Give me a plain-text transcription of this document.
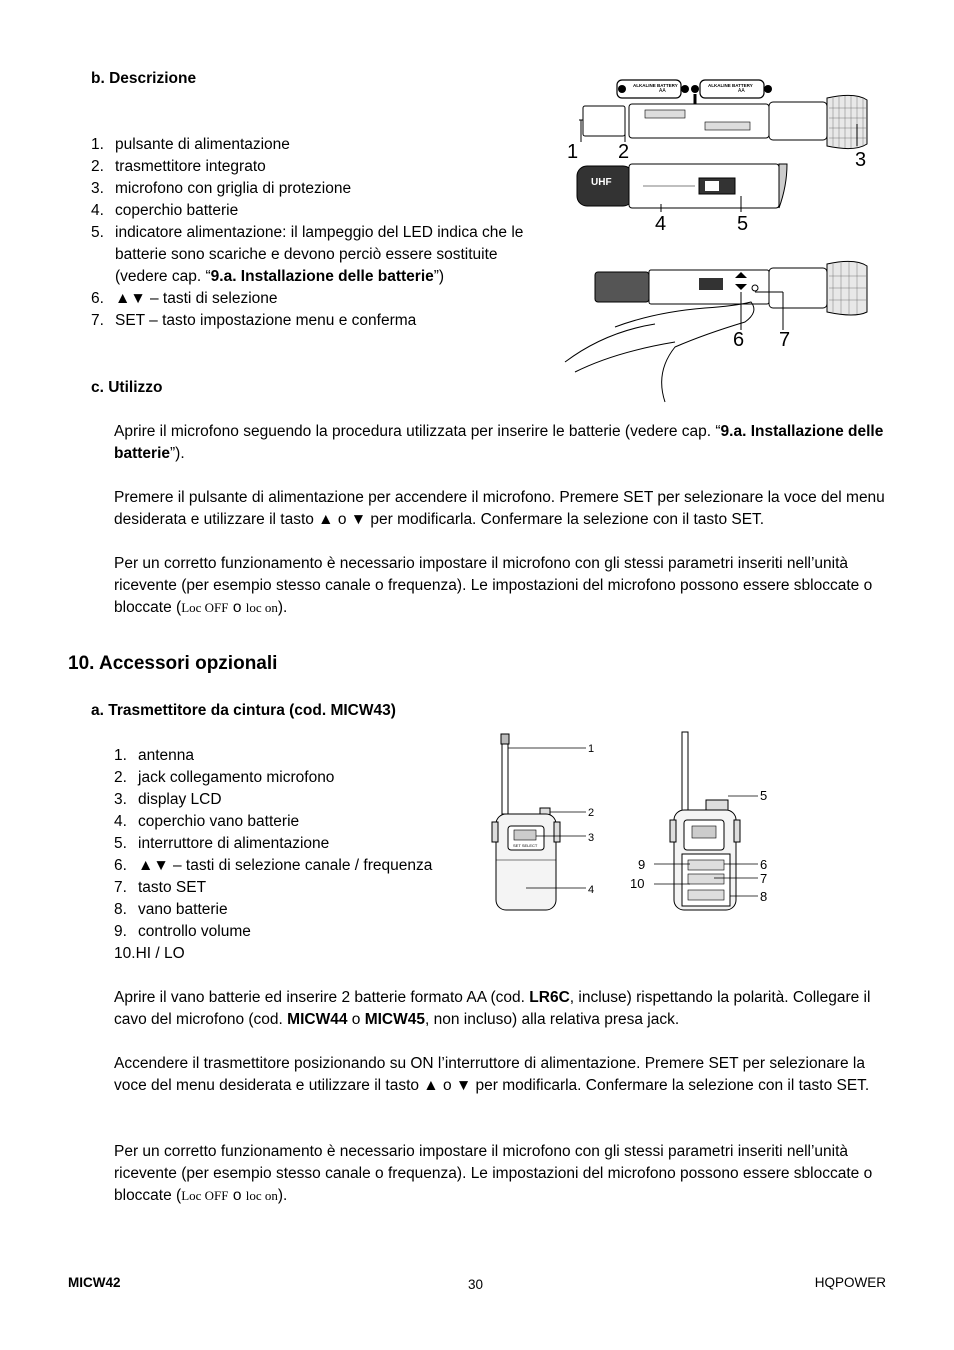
b. Descrizione
1. pulsante di alimentazione
2. trasmettitore integrato
3. microfono con griglia di protezione
4. coperchio batterie
5. indicatore alimentazione: il lampeggio del LED indica che le batterie sono scariche e devono perciò essere sostituite (vedere cap. “9.a. Installazione delle batterie”)
6. ▲▼ – tasti di selezione
7. SET – tasto impostazione menu e conferma
ALKALINE BATTERY
AA
ALKALINE BATTERY
AA
1 2	3
UHF
4	5
6 7
c. Utilizzo
Aprire il microfono seguendo la procedura utilizzata per inserire le batterie (vedere cap. “9.a. Installazione delle batterie”).
Premere il pulsante di alimentazione per accendere il microfono. Premere SET per selezionare la voce del menu desiderata e utilizzare il tasto ▲ o ▼ per modificarla. Confermare la selezione con il tasto SET.
Per un corretto funzionamento è necessario impostare il microfono con gli stessi parametri inseriti nell’unità ricevente (per esempio stesso canale o frequenza). Le impostazioni del microfono possono essere sbloccate o bloccate (Loc OFF o loc on).
10. Accessori opzionali
a. Trasmettitore da cintura (cod. MICW43)
1. antenna
2. jack collegamento microfono
3. display LCD
4. coperchio vano batterie
5. interruttore di alimentazione
6. ▲▼ – tasti di selezione canale / frequenza
7. tasto SET
8. vano batterie
9. controllo volume
10.HI / LO
SET SELECT
1
2
3
4
5
6
7
8
9
10
Aprire il vano batterie ed inserire 2 batterie formato AA (cod. LR6C, incluse) rispettando la polarità. Collegare il cavo del microfono (cod. MICW44 o MICW45, non incluso) alla relativa presa jack.
Accendere il trasmettitore posizionando su ON l’interruttore di alimentazione. Premere SET per selezionare la voce del menu desiderata e utilizzare il tasto ▲ o ▼ per modificarla. Confermare la selezione con il tasto SET.
Per un corretto funzionamento è necessario impostare il microfono con gli stessi parametri inseriti nell’unità ricevente (per esempio stesso canale o frequenza). Le impostazioni del microfono possono essere sbloccate o bloccate (Loc OFF o loc on).
MICW42	30	HQPOWER
